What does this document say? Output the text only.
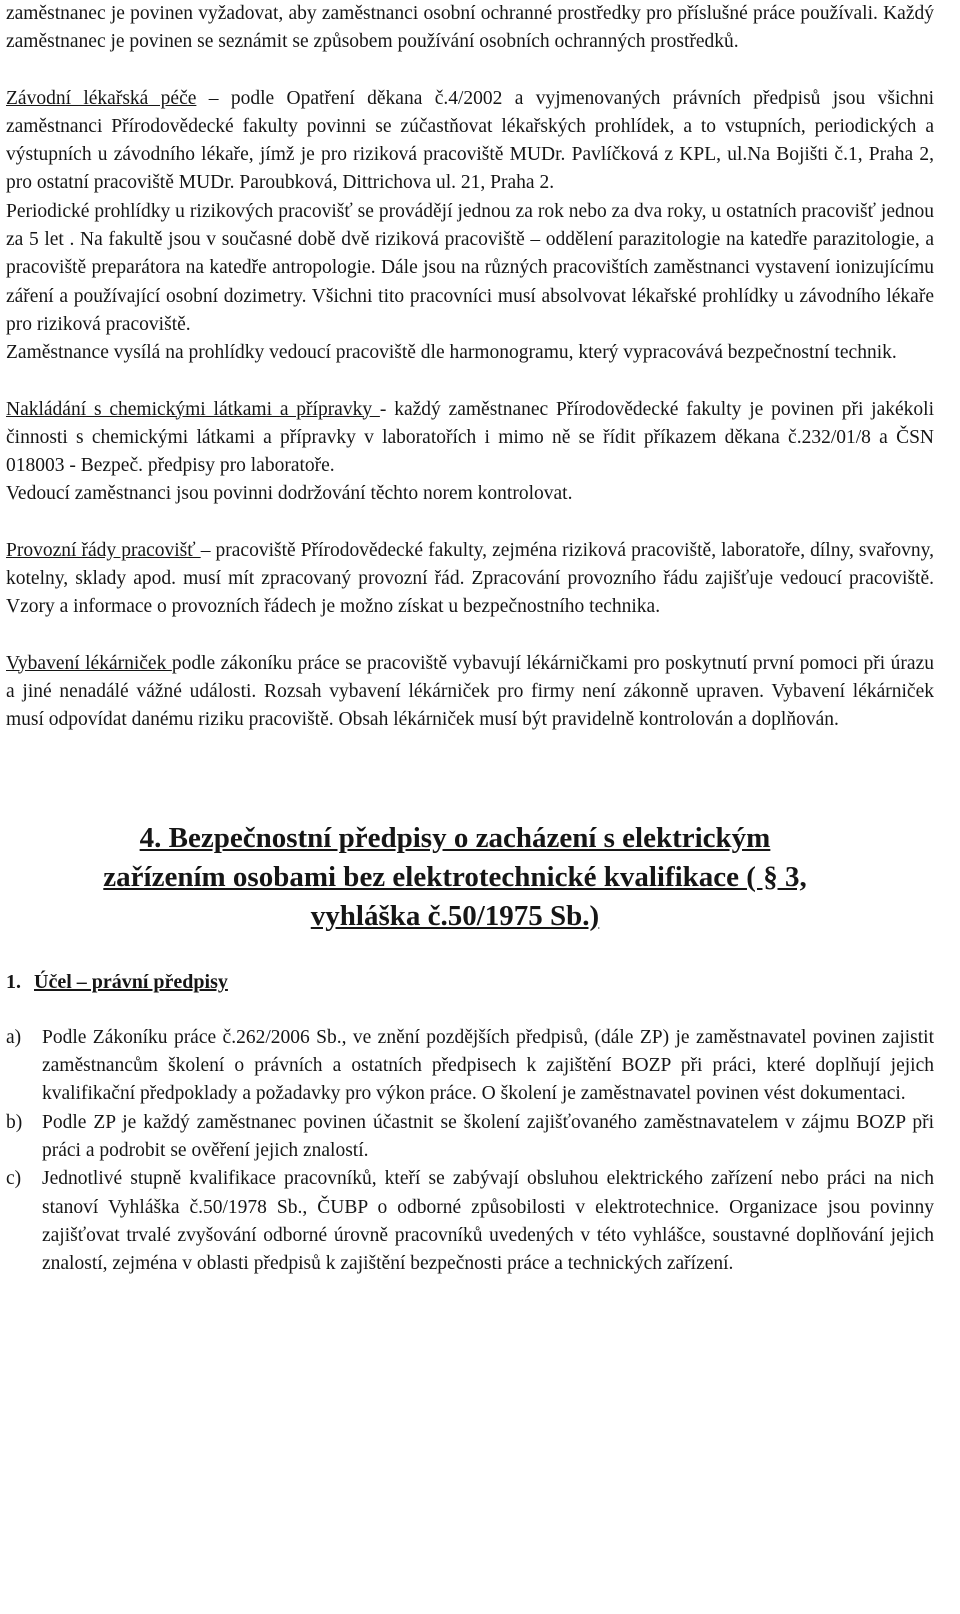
zaměstnanec je povinen vyžadovat, aby zaměstnanci osobní ochranné prostředky pro příslušné práce používali. Každý zaměstnanec je povinen se seznámit se způsobem používání osobních ochranných prostředků.

Závodní lékařská péče – podle Opatření děkana č.4/2002 a vyjmenovaných právních předpisů jsou všichni zaměstnanci Přírodovědecké fakulty povinni se zúčastňovat lékařských prohlídek, a to vstupních, periodických a výstupních u závodního lékaře, jímž je pro riziková pracoviště MUDr. Pavlíčková z KPL, ul.Na Bojišti č.1, Praha 2, pro ostatní pracoviště MUDr. Paroubková, Dittrichova ul. 21, Praha 2.

Periodické prohlídky u rizikových pracovišť se provádějí jednou za rok nebo za dva roky, u ostatních pracovišť jednou za 5 let . Na fakultě jsou v současné době dvě riziková pracoviště – oddělení parazitologie na katedře parazitologie, a pracoviště preparátora na katedře antropologie. Dále jsou na různých pracovištích zaměstnanci vystavení ionizujícímu záření a používající osobní dozimetry. Všichni tito pracovníci musí absolvovat lékařské prohlídky u závodního lékaře pro riziková pracoviště.

Zaměstnance vysílá na prohlídky vedoucí pracoviště dle harmonogramu, který vypracovává bezpečnostní technik.

Nakládání s chemickými látkami a přípravky - každý zaměstnanec Přírodovědecké fakulty je povinen při jakékoli činnosti s chemickými látkami a přípravky v laboratořích i mimo ně se řídit příkazem děkana č.232/01/8 a ČSN 018003 - Bezpeč. předpisy pro laboratoře.

Vedoucí zaměstnanci jsou povinni dodržování těchto norem kontrolovat.

Provozní řády pracovišť – pracoviště Přírodovědecké fakulty, zejména riziková pracoviště, laboratoře, dílny, svařovny, kotelny, sklady apod. musí mít zpracovaný provozní řád. Zpracování provozního řádu zajišťuje vedoucí pracoviště. Vzory a informace o provozních řádech je možno získat u bezpečnostního technika.

Vybavení lékárniček podle zákoníku práce se pracoviště vybavují lékárničkami pro poskytnutí první pomoci při úrazu a jiné nenadálé vážné události. Rozsah vybavení lékárniček pro firmy není zákonně upraven. Vybavení lékárniček musí odpovídat danému riziku pracoviště. Obsah lékárniček musí být pravidelně kontrolován a doplňován.

4. Bezpečnostní předpisy o zacházení s elektrickým
zařízením osobami bez elektrotechnické kvalifikace ( § 3,
vyhláška č.50/1975 Sb.)
1. Účel – právní předpisy
a)	Podle Zákoníku práce č.262/2006 Sb., ve znění pozdějších předpisů, (dále ZP) je zaměstnavatel povinen zajistit zaměstnancům školení o právních a ostatních předpisech k zajištění BOZP při práci, které doplňují jejich kvalifikační předpoklady a požadavky pro výkon práce. O školení je zaměstnavatel povinen vést dokumentaci.
b)	Podle ZP je každý zaměstnanec povinen účastnit se školení zajišťovaného zaměstnavatelem v zájmu BOZP při práci a podrobit se ověření jejich znalostí.
c)	Jednotlivé stupně kvalifikace pracovníků, kteří se zabývají obsluhou elektrického zařízení nebo práci na nich stanoví Vyhláška č.50/1978 Sb., ČUBP o odborné způsobilosti v elektrotechnice. Organizace jsou povinny zajišťovat trvalé zvyšování odborné úrovně pracovníků uvedených v této vyhlášce, soustavné doplňování jejich znalostí, zejména v oblasti předpisů k zajištění bezpečnosti práce a technických zařízení.
